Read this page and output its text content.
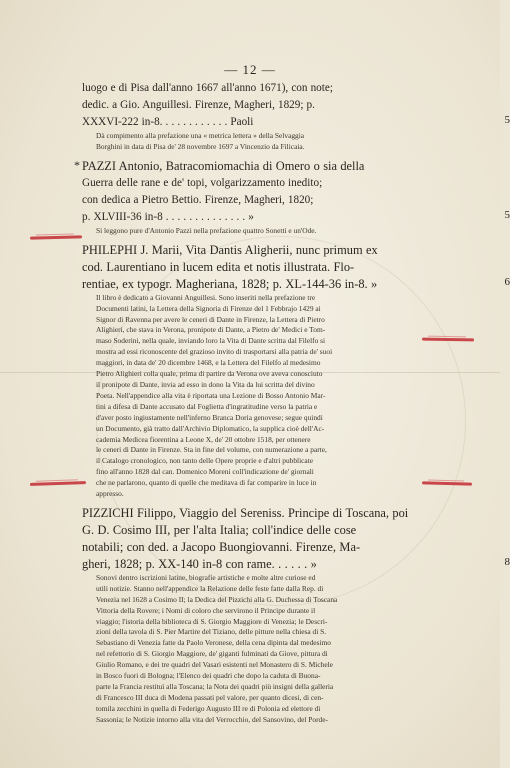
— 12 —
luogo e di Pisa dall'anno 1667 all'anno 1671), con note;
dedic. a Gio. Anguillesi. Firenze, Magheri, 1829; p.
XXXVI-222 in-8. . . . . . . . . . . . Paoli	5
Dà compimento alla prefazione una « metrica lettera » della Selvaggia
Borghini in data di Pisa de' 28 novembre 1697 a Vincenzio da Filicaia.
* PAZZI Antonio, Batracomiomachia di Omero o sia della
Guerra delle rane e de' topi, volgarizzamento inedito;
con dedica a Pietro Bettio. Firenze, Magheri, 1820;
p. XLVIII-36 in-8 . . . . . . . . . . . . . . »	5
Si leggono pure d'Antonio Pazzi nella prefazione quattro Sonetti e un'Ode.
PHILEPHI J. Marii, Vita Dantis Aligherii, nunc primum ex
cod. Laurentiano in lucem edita et notis illustrata. Flo-
rentiae, ex typogr. Magheriana, 1828; p. XL-144-36 in-8. »	6
Il libro è dedicato a Giovanni Anguillesi. Sono inseriti nella prefazione tre
Documenti latini, la Lettera della Signoria di Firenze del 1 Febbrajo 1429 ai
Signor di Ravenna per avere le ceneri di Dante in Firenze, la Lettera di Pietro
Alighieri, che stava in Verona, pronipote di Dante, a Pietro de' Medici e Tom-
maso Soderini, nella quale, inviando loro la Vita di Dante scritta dal Filelfo si
mostra ad essi riconoscente del grazioso invito di trasportarsi alla patria de' suoi
maggiori, in data de' 20 dicembre 1468, e la Lettera del Filelfo al medesimo
Pietro Alighieri colla quale, prima di partire da Verona ove aveva conosciuto
il pronipote di Dante, invia ad esso in dono la Vita da lui scritta del divino
Poeta. Nell'appendice alla vita è riportata una Lezione di Bosso Antonio Mar-
tini a difesa di Dante accusato dal Foglietta d'ingratitudine verso la patria e
d'aver posto ingiustamente nell'inferno Branca Doria genovese; segue quindi
un Documento, già tratto dall'Archivio Diplomatico, la supplica cioè dell'Ac-
cademia Medicea fiorentina a Leone X, de' 20 ottobre 1518, per ottenere
le ceneri di Dante in Firenze. Sta in fine del volume, con numerazione a parte,
il Catalogo cronologico, non tanto delle Opere proprie e d'altri pubblicate
fino all'anno 1828 dal can. Domenico Moreni coll'indicazione de' giornali
che ne parlarono, quanto di quelle che meditava di far comparire in luce in
appresso.
PIZZICHI Filippo, Viaggio del Sereniss. Principe di Toscana, poi
G. D. Cosimo III, per l'alta Italia; coll'indice delle cose
notabili; con ded. a Jacopo Buongiovanni. Firenze, Ma-
gheri, 1828; p. XX-140 in-8 con rame. . . . . . »	8
Sonovi dentro iscrizioni latine, biografie artistiche e molte altre curiose ed
utili notizie. Stanno nell'appendice la Relazione delle feste fatte dalla Rep. di
Venezia nel 1628 a Cosimo II; la Dedica del Pizzichi alla G. Duchessa di Toscana
Vittoria della Rovere; i Nomi di coloro che servirono il Principe durante il
viaggio; l'istoria della biblioteca di S. Giorgio Maggiore di Venezia; le Descri-
zioni della tavola di S. Pier Martire del Tiziano, delle pitture nella chiesa di S.
Sebastiano di Venezia fatte da Paolo Veronese, della cena dipinta dal medesimo
nel refettorio di S. Giorgio Maggiore, de' giganti fulminati da Giove, pittura di
Giulio Romano, e dei tre quadri del Vasari esistenti nel Monastero di S. Michele
in Bosco fuori di Bologna; l'Elenco dei quadri che dopo la caduta di Buona-
parte la Francia restituì alla Toscana; la Nota dei quadri più insigni della galleria
di Francesco III duca di Modena passati pel valore, per quanto dicesi, di cen-
tomila zecchini in quella di Federigo Augusto III re di Polonia ed elettore di
Sassonia; le Notizie intorno alla vita del Verrocchio, del Sansovino, del Porde-
